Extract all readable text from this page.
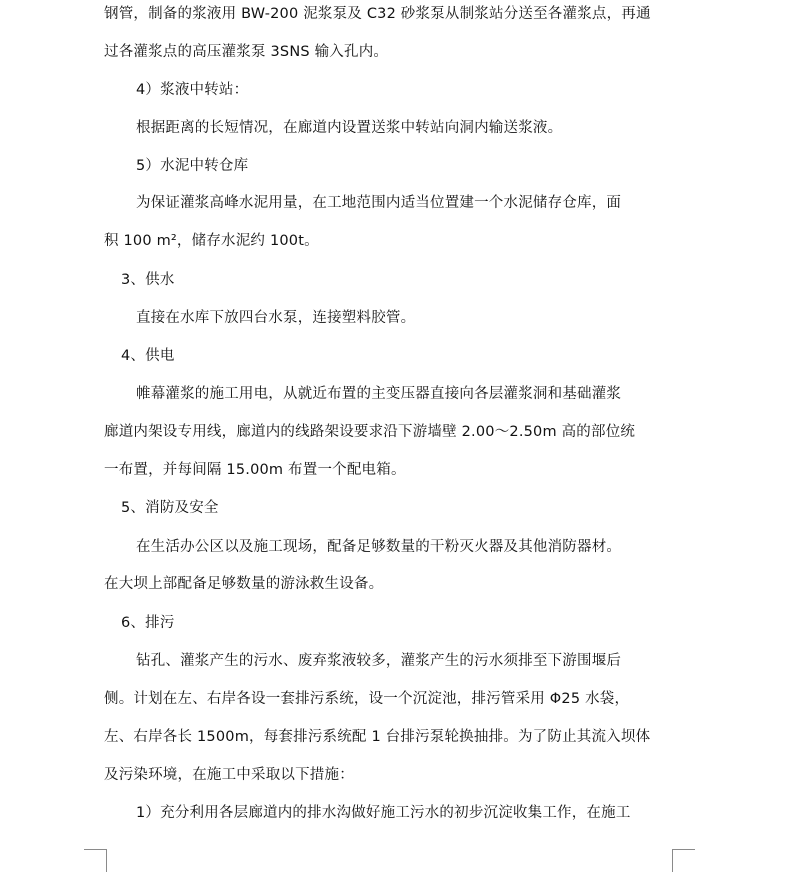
钢管，制备的浆液用 BW-200 泥浆泵及 C32 砂浆泵从制浆站分送至各灌浆点，再通
过各灌浆点的高压灌浆泵 3SNS 输入孔内。
4）浆液中转站：
根据距离的长短情况，在廊道内设置送浆中转站向洞内输送浆液。
5）水泥中转仓库
为保证灌浆高峰水泥用量，在工地范围内适当位置建一个水泥储存仓库，面
积 100 m²，储存水泥约 100t。
3、供水
直接在水库下放四台水泵，连接塑料胶管。
4、供电
帷幕灌浆的施工用电，从就近布置的主变压器直接向各层灌浆洞和基础灌浆
廊道内架设专用线，廊道内的线路架设要求沿下游墙壁 2.00～2.50m 高的部位统
一布置，并每间隔 15.00m 布置一个配电箱。
5、消防及安全
在生活办公区以及施工现场，配备足够数量的干粉灭火器及其他消防器材。
在大坝上部配备足够数量的游泳救生设备。
6、排污
钻孔、灌浆产生的污水、废弃浆液较多，灌浆产生的污水须排至下游围堰后
侧。计划在左、右岸各设一套排污系统，设一个沉淀池，排污管采用 Φ25 水袋，
左、右岸各长 1500m，每套排污系统配 1 台排污泵轮换抽排。为了防止其流入坝体
及污染环境，在施工中采取以下措施：
1）充分利用各层廊道内的排水沟做好施工污水的初步沉淀收集工作，在施工
